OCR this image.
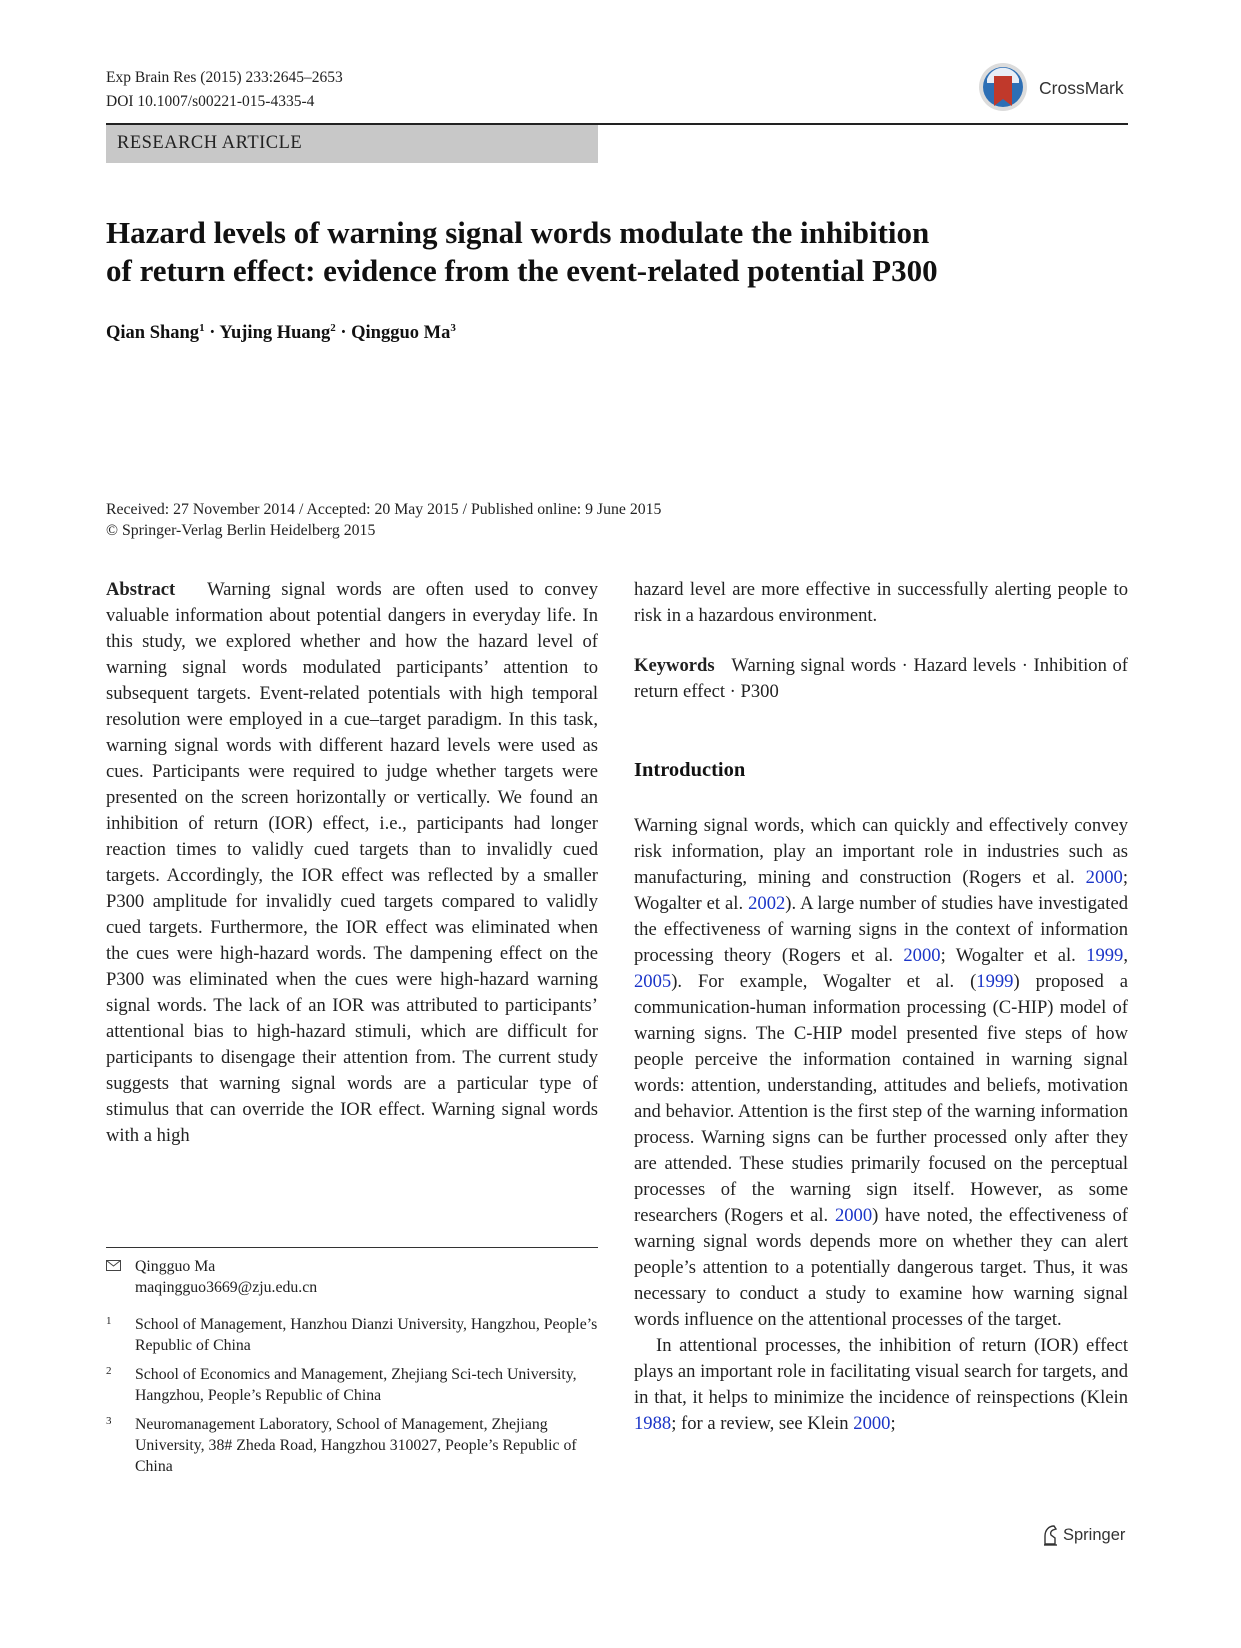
Exp Brain Res (2015) 233:2645–2653
DOI 10.1007/s00221-015-4335-4
CrossMark
RESEARCH ARTICLE
Hazard levels of warning signal words modulate the inhibition
of return effect: evidence from the event-related potential P300
Qian Shang$^1$ · Yujing Huang$^2$ · Qingguo Ma$^3$
Received: 27 November 2014 / Accepted: 20 May 2015 / Published online: 9 June 2015
© Springer-Verlag Berlin Heidelberg 2015

Abstract Warning signal words are often used to convey valuable information about potential dangers in everyday life. In this study, we explored whether and how the hazard level of warning signal words modulated participants’ attention to subsequent targets. Event-related potentials with high temporal resolution were employed in a cue–target paradigm. In this task, warning signal words with different hazard levels were used as cues. Participants were required to judge whether targets were presented on the screen horizontally or vertically. We found an inhibition of return (IOR) effect, i.e., participants had longer reaction times to validly cued targets than to invalidly cued targets. Accordingly, the IOR effect was reflected by a smaller P300 amplitude for invalidly cued targets compared to validly cued targets. Furthermore, the IOR effect was eliminated when the cues were high-hazard words. The dampening effect on the P300 was eliminated when the cues were high-hazard warning signal words. The lack of an IOR was attributed to participants’ attentional bias to high-hazard stimuli, which are difficult for participants to disengage their attention from. The current study suggests that warning signal words are a particular type of stimulus that can override the IOR effect. Warning signal words with a high

hazard level are more effective in successfully alerting people to risk in a hazardous environment.

Keywords Warning signal words · Hazard levels · Inhibition of return effect · P300

Introduction

Warning signal words, which can quickly and effectively convey risk information, play an important role in industries such as manufacturing, mining and construction (Rogers et al. 2000; Wogalter et al. 2002). A large number of studies have investigated the effectiveness of warning signs in the context of information processing theory (Rogers et al. 2000; Wogalter et al. 1999, 2005). For example, Wogalter et al. (1999) proposed a communication-human information processing (C-HIP) model of warning signs. The C-HIP model presented five steps of how people perceive the information contained in warning signal words: attention, understanding, attitudes and beliefs, motivation and behavior. Attention is the first step of the warning information process. Warning signs can be further processed only after they are attended. These studies primarily focused on the perceptual processes of the warning sign itself. However, as some researchers (Rogers et al. 2000) have noted, the effectiveness of warning signal words depends more on whether they can alert people’s attention to a potentially dangerous target. Thus, it was necessary to conduct a study to examine how warning signal words influence on the attentional processes of the target.

In attentional processes, the inhibition of return (IOR) effect plays an important role in facilitating visual search for targets, and in that, it helps to minimize the incidence of reinspections (Klein 1988; for a review, see Klein 2000;

Qingguo Ma
maqingguo3669@zju.edu.cn
1 School of Management, Hanzhou Dianzi University, Hangzhou, People’s Republic of China
2 School of Economics and Management, Zhejiang Sci-tech University, Hangzhou, People’s Republic of China
3 Neuromanagement Laboratory, School of Management, Zhejiang University, 38# Zheda Road, Hangzhou 310027, People’s Republic of China
Springer
